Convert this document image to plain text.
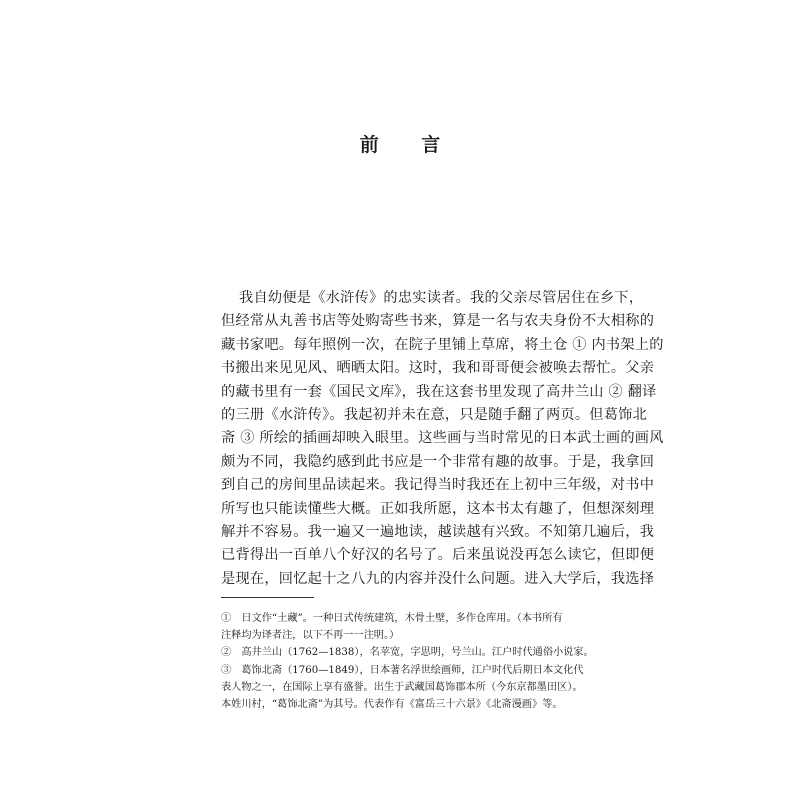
前 言
我自幼便是《水浒传》的忠实读者。我的父亲尽管居住在乡下，
但经常从丸善书店等处购寄些书来，算是一名与农夫身份不大相称的
藏书家吧。每年照例一次，在院子里铺上草席，将土仓 ① 内书架上的
书搬出来见见风、晒晒太阳。这时，我和哥哥便会被唤去帮忙。父亲
的藏书里有一套《国民文库》，我在这套书里发现了高井兰山 ② 翻译
的三册《水浒传》。我起初并未在意，只是随手翻了两页。但葛饰北
斋 ③ 所绘的插画却映入眼里。这些画与当时常见的日本武士画的画风
颇为不同，我隐约感到此书应是一个非常有趣的故事。于是，我拿回
到自己的房间里品读起来。我记得当时我还在上初中三年级，对书中
所写也只能读懂些大概。正如我所愿，这本书太有趣了，但想深刻理
解并不容易。我一遍又一遍地读，越读越有兴致。不知第几遍后，我
已背得出一百单八个好汉的名号了。后来虽说没再怎么读它，但即便
是现在，回忆起十之八九的内容并没什么问题。进入大学后，我选择
①　日文作“土藏”。一种日式传统建筑，木骨土壁，多作仓库用。（本书所有
注释均为译者注，以下不再一一注明。）
②　高井兰山（1762—1838），名苹宽，字思明，号兰山。江户时代通俗小说家。
③　葛饰北斋（1760—1849），日本著名浮世绘画师，江户时代后期日本文化代
表人物之一，在国际上享有盛誉。出生于武藏国葛饰郡本所（今东京都墨田区）。
本姓川村，“葛饰北斋”为其号。代表作有《富岳三十六景》《北斋漫画》等。
